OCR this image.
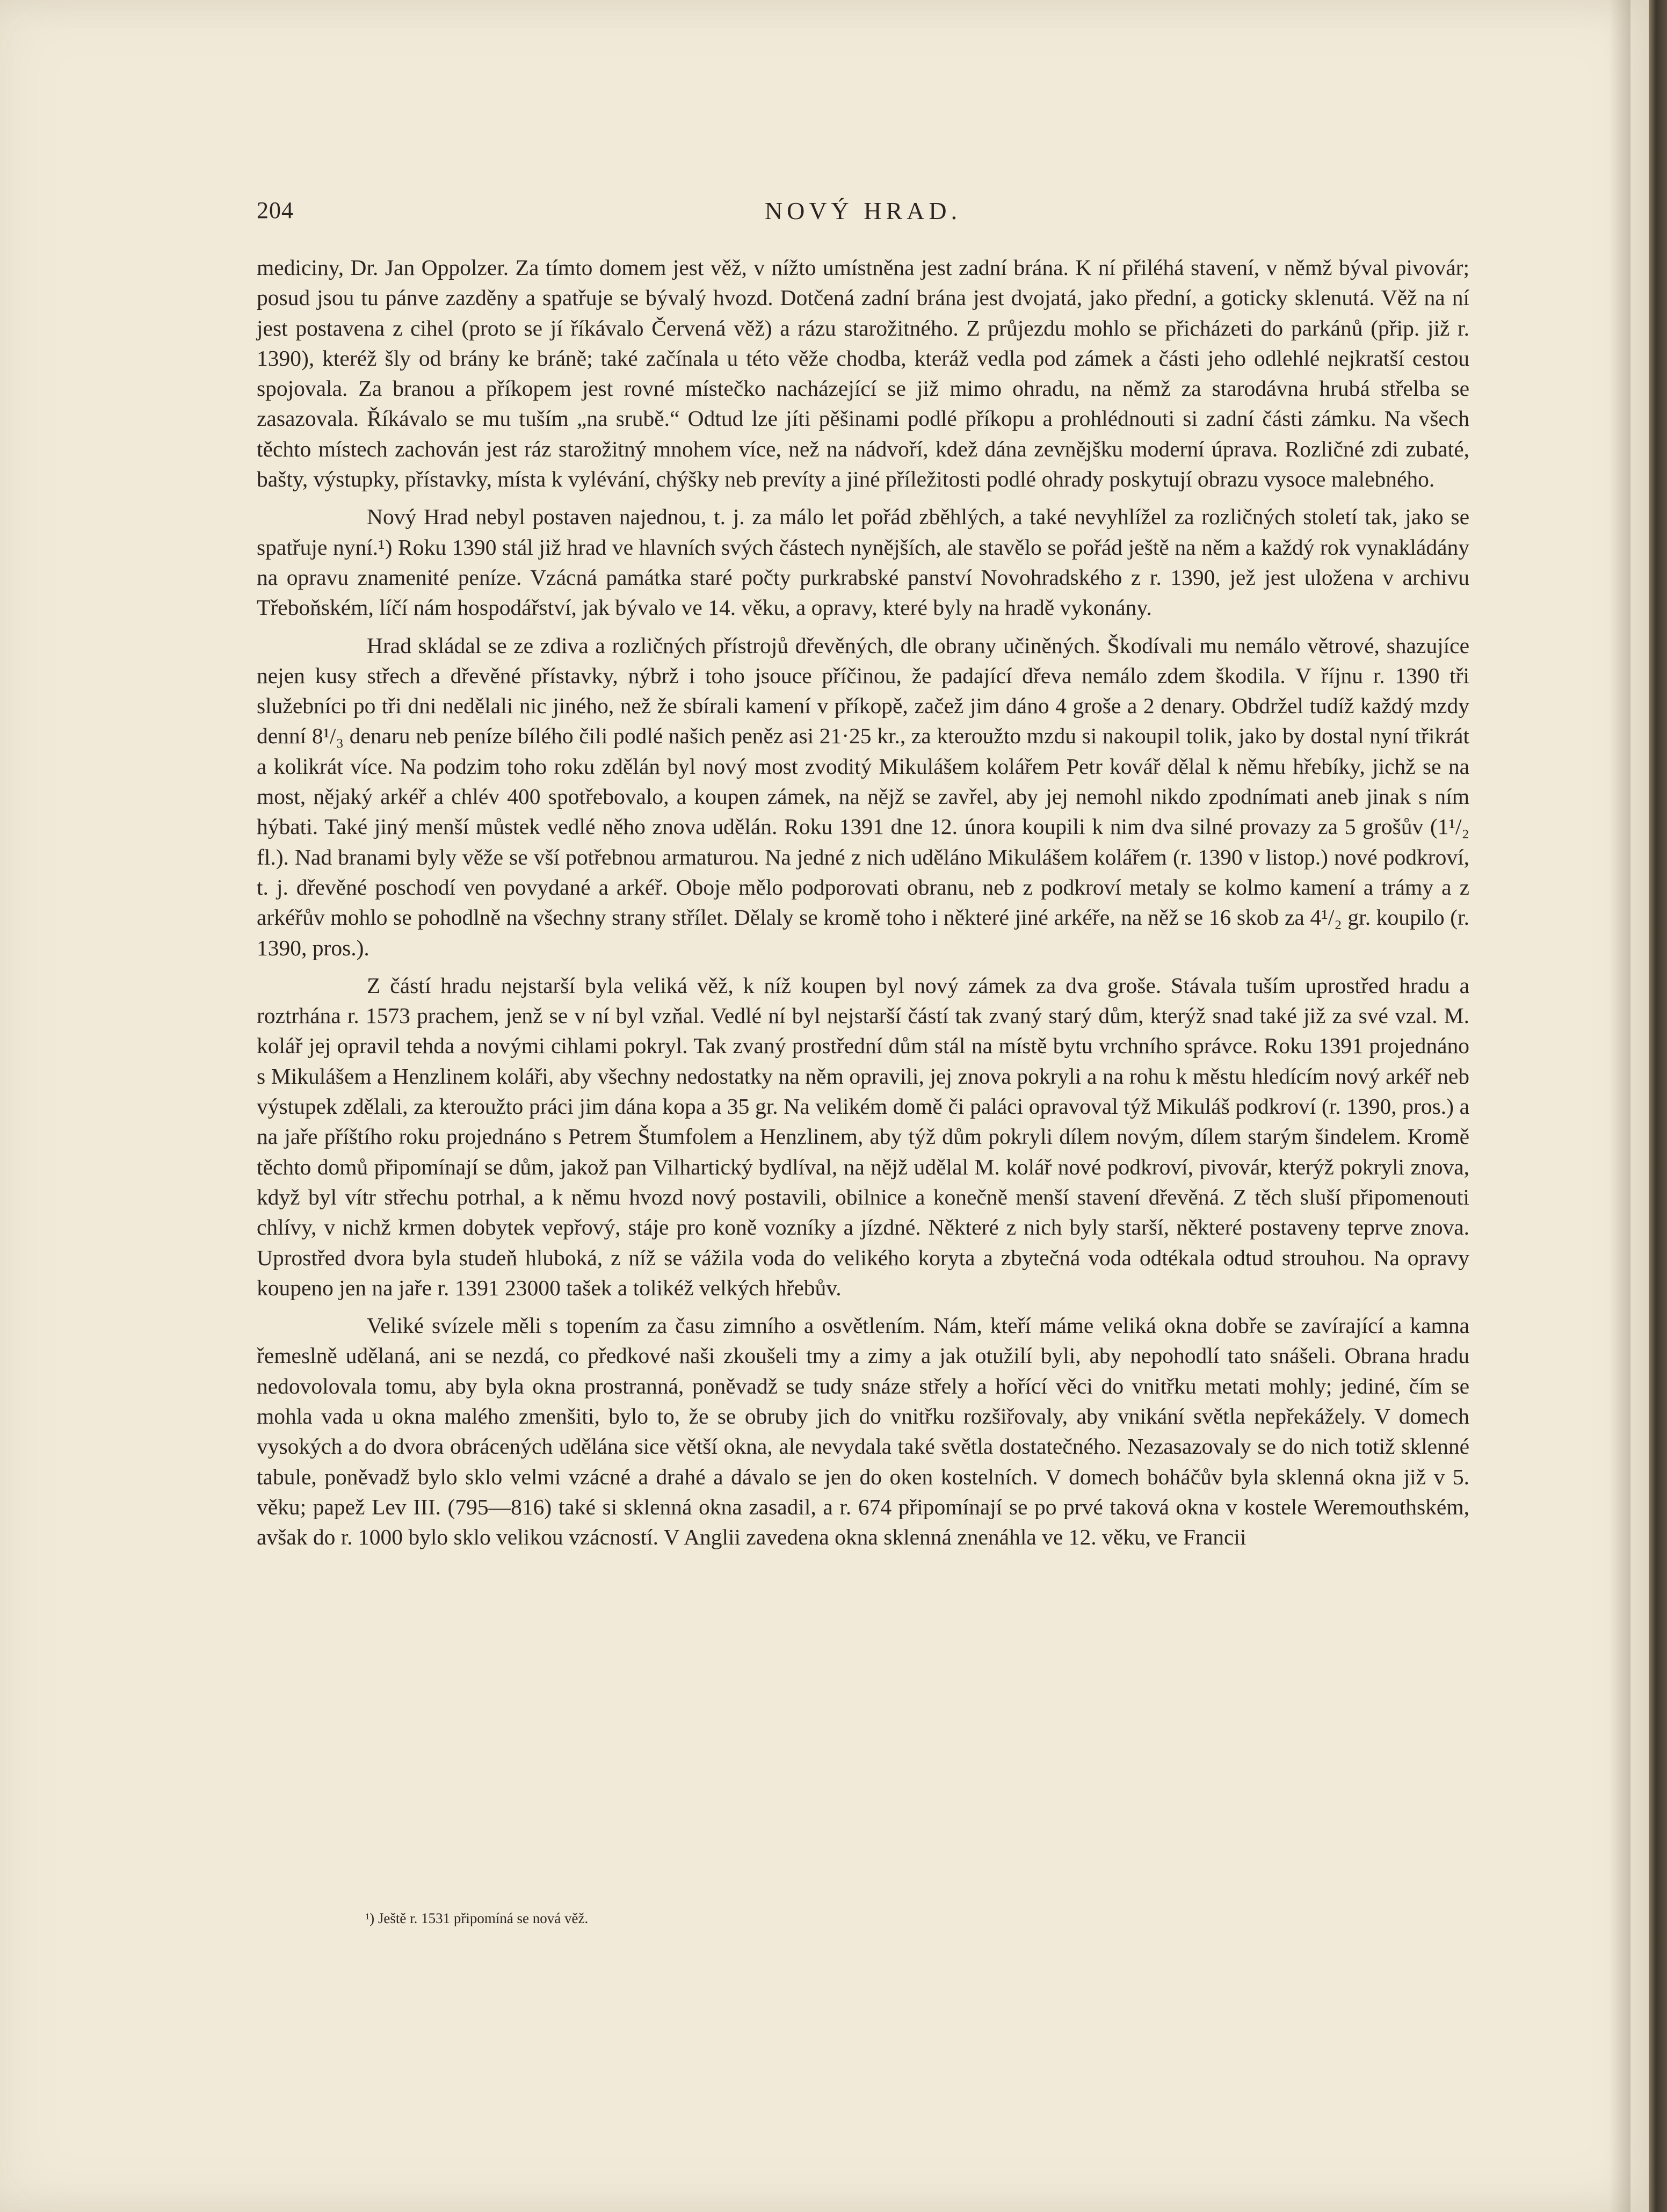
204	NOVÝ HRAD.

mediciny, Dr. Jan Oppolzer. Za tímto domem jest věž, v nížto umístněna jest zadní brána. K ní přiléhá stavení, v němž býval pivovár; posud jsou tu pánve zazděny a spatřuje se bývalý hvozd. Dotčená zadní brána jest dvojatá, jako přední, a goticky sklenutá. Věž na ní jest postavena z cihel (proto se jí říkávalo Červená věž) a rázu starožitného. Z průjezdu mohlo se přicházeti do parkánů (přip. již r. 1390), kteréž šly od brány ke bráně; také začínala u této věže chodba, kteráž vedla pod zámek a části jeho odlehlé nejkratší cestou spojovala. Za branou a příkopem jest rovné místečko nacházející se již mimo ohradu, na němž za starodávna hrubá střelba se zasazovala. Říkávalo se mu tuším „na srubě.“ Odtud lze jíti pěšinami podlé příkopu a prohlédnouti si zadní části zámku. Na všech těchto místech zachován jest ráz starožitný mnohem více, než na nádvoří, kdež dána zevnějšku moderní úprava. Rozličné zdi zubaté, bašty, výstupky, přístavky, místa k vylévání, chýšky neb prevíty a jiné příležitosti podlé ohrady poskytují obrazu vysoce malebného.

Nový Hrad nebyl postaven najednou, t. j. za málo let pořád zběhlých, a také nevyhlížel za rozličných století tak, jako se spatřuje nyní.¹) Roku 1390 stál již hrad ve hlavních svých částech nynějších, ale stavělo se pořád ještě na něm a každý rok vynakládány na opravu znamenité peníze. Vzácná památka staré počty purkrabské panství Novohradského z r. 1390, jež jest uložena v archivu Třeboňském, líčí nám hospodářství, jak bývalo ve 14. věku, a opravy, které byly na hradě vykonány.

Hrad skládal se ze zdiva a rozličných přístrojů dřevěných, dle obrany učiněných. Škodívali mu nemálo větrové, shazujíce nejen kusy střech a dřevěné přístavky, nýbrž i toho jsouce příčinou, že padající dřeva nemálo zdem škodila. V říjnu r. 1390 tři služebníci po tři dni nedělali nic jiného, než že sbírali kamení v příkopě, začež jim dáno 4 groše a 2 denary. Obdržel tudíž každý mzdy denní 8¹/₃ denaru neb peníze bílého čili podlé našich peněz asi 21·25 kr., za kteroužto mzdu si nakoupil tolik, jako by dostal nyní třikrát a kolikrát více. Na podzim toho roku zdělán byl nový most zvoditý Mikulášem kolářem Petr kovář dělal k němu hřebíky, jichž se na most, nějaký arkéř a chlév 400 spotřebovalo, a koupen zámek, na nějž se zavřel, aby jej nemohl nikdo zpodnímati aneb jinak s ním hýbati. Také jiný menší můstek vedlé něho znova udělán. Roku 1391 dne 12. února koupili k nim dva silné provazy za 5 grošův (1¹/₂ fl.). Nad branami byly věže se vší potřebnou armaturou. Na jedné z nich uděláno Mikulášem kolářem (r. 1390 v listop.) nové podkroví, t. j. dřevěné poschodí ven povydané a arkéř. Oboje mělo podporovati obranu, neb z podkroví metaly se kolmo kamení a trámy a z arkéřův mohlo se pohodlně na všechny strany střílet. Dělaly se kromě toho i některé jiné arkéře, na něž se 16 skob za 4¹/₂ gr. koupilo (r. 1390, pros.).

Z částí hradu nejstarší byla veliká věž, k níž koupen byl nový zámek za dva groše. Stávala tuším uprostřed hradu a roztrhána r. 1573 prachem, jenž se v ní byl vzňal. Vedlé ní byl nejstarší částí tak zvaný starý dům, kterýž snad také již za své vzal. M. kolář jej opravil tehda a novými cihlami pokryl. Tak zvaný prostřední dům stál na místě bytu vrchního správce. Roku 1391 projednáno s Mikulášem a Henzlinem koláři, aby všechny nedostatky na něm opravili, jej znova pokryli a na rohu k městu hledícím nový arkéř neb výstupek zdělali, za kteroužto práci jim dána kopa a 35 gr. Na velikém domě či paláci opravoval týž Mikuláš podkroví (r. 1390, pros.) a na jaře příštího roku projednáno s Petrem Štumfolem a Henzlinem, aby týž dům pokryli dílem novým, dílem starým šindelem. Kromě těchto domů připomínají se dům, jakož pan Vilhartický bydlíval, na nějž udělal M. kolář nové podkroví, pivovár, kterýž pokryli znova, když byl vítr střechu potrhal, a k němu hvozd nový postavili, obilnice a konečně menší stavení dřevěná. Z těch sluší připomenouti chlívy, v nichž krmen dobytek vepřový, stáje pro koně vozníky a jízdné. Některé z nich byly starší, některé postaveny teprve znova. Uprostřed dvora byla studeň hluboká, z níž se vážila voda do velikého koryta a zbytečná voda odtékala odtud strouhou. Na opravy koupeno jen na jaře r. 1391 23000 tašek a tolikéž velkých hřebův.

Veliké svízele měli s topením za času zimního a osvětlením. Nám, kteří máme veliká okna dobře se zavírající a kamna řemeslně udělaná, ani se nezdá, co předkové naši zkoušeli tmy a zimy a jak otužilí byli, aby nepohodlí tato snášeli. Obrana hradu nedovolovala tomu, aby byla okna prostranná, poněvadž se tudy snáze střely a hořící věci do vnitřku metati mohly; jediné, čím se mohla vada u okna malého zmenšiti, bylo to, že se obruby jich do vnitřku rozšiřovaly, aby vnikání světla nepřekážely. V domech vysokých a do dvora obrácených udělána sice větší okna, ale nevydala také světla dostatečného. Nezasazovaly se do nich totiž sklenné tabule, poněvadž bylo sklo velmi vzácné a drahé a dávalo se jen do oken kostelních. V domech boháčův byla sklenná okna již v 5. věku; papež Lev III. (795—816) také si sklenná okna zasadil, a r. 674 připomínají se po prvé taková okna v kostele Weremouthském, avšak do r. 1000 bylo sklo velikou vzácností. V Anglii zavedena okna sklenná znenáhla ve 12. věku, ve Francii

¹) Ještě r. 1531 připomíná se nová věž.
